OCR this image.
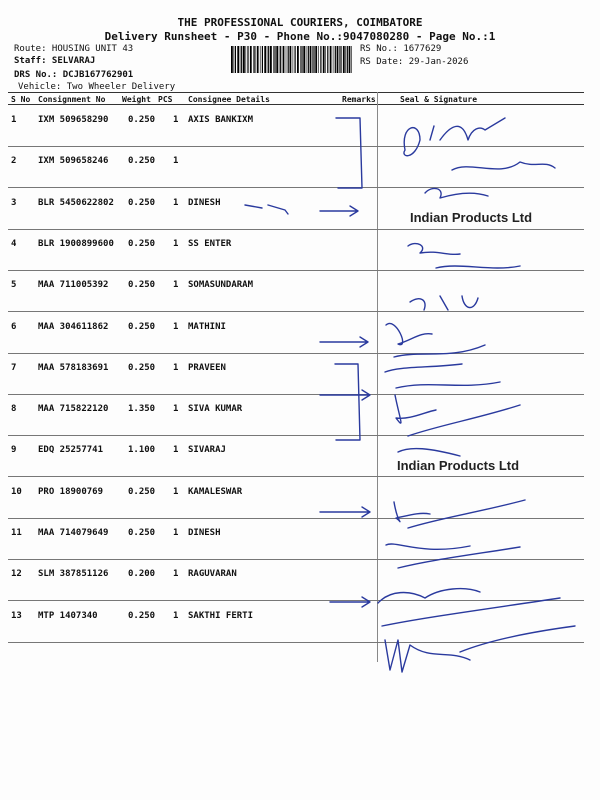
THE PROFESSIONAL COURIERS, COIMBATORE
Delivery Runsheet - P30 - Phone No.:9047080280 - Page No.:1
Route: HOUSING UNIT 43
Staff: SELVARAJ
DRS No.: DCJB167762901
Vehicle: Two Wheeler Delivery
RS No.: 1677629
RS Date: 29-Jan-2026
S No Consignment No Weight PCS Consignee Details	Remarks	Seal & Signature
1 IXM 509658290 0.250 1 AXIS BANKIXM
2 IXM 509658246 0.250 1
3 BLR 5450622802 0.250 1 DINESH
4 BLR 1900899600 0.250 1 SS ENTER
5 MAA 711005392 0.250 1 SOMASUNDARAM
6 MAA 304611862 0.250 1 MATHINI
7 MAA 578183691 0.250 1 PRAVEEN
8 MAA 715822120 1.350 1 SIVA KUMAR
9 EDQ 25257741	1.100 1 SIVARAJ
10 PRO 18900769	0.250 1 KAMALESWAR
11 MAA 714079649 0.250 1 DINESH
12 SLM 387851126 0.200 1 RAGUVARAN
13 MTP 1407340	0.250 1 SAKTHI FERTI
Indian Products Ltd
Indian Products Ltd
